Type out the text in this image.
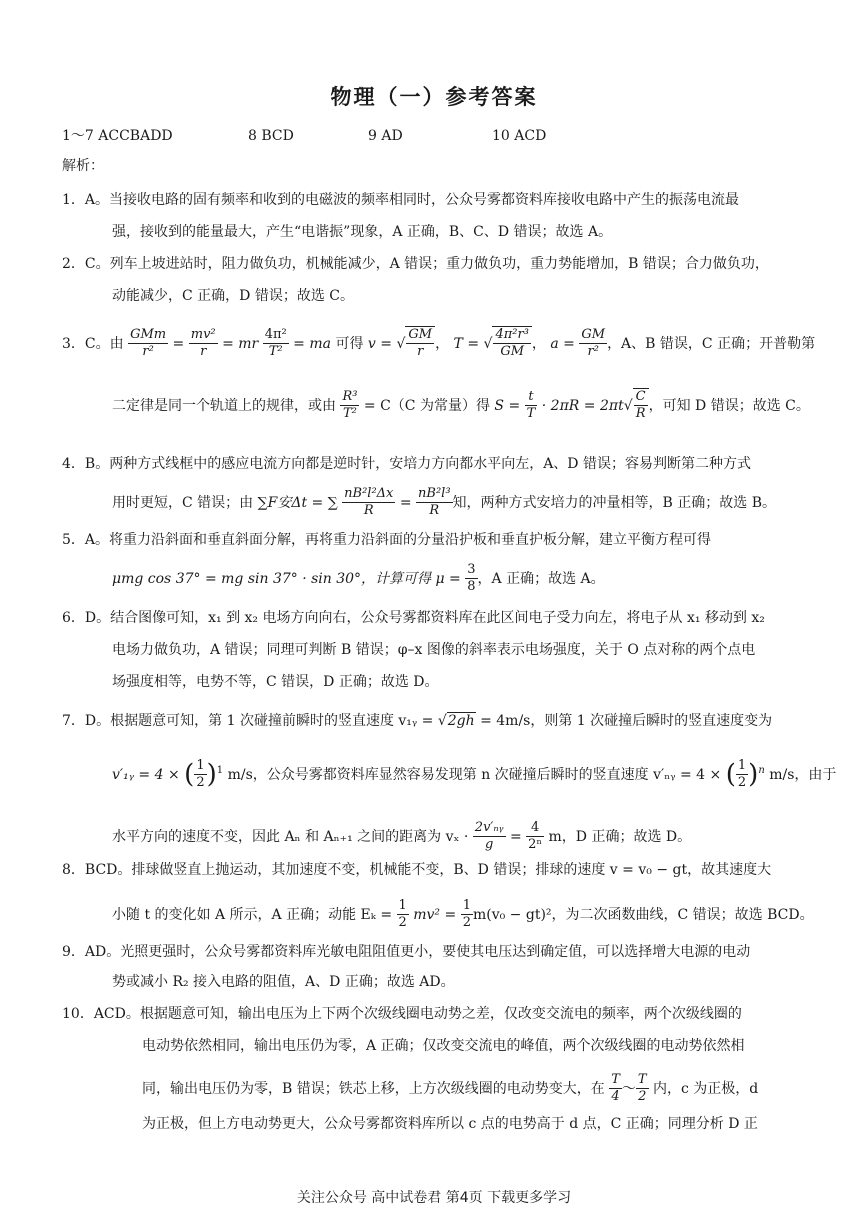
物理（一）参考答案
1～7 ACCBADD	8 BCD	9 AD	10 ACD
解析：
1．A。当接收电路的固有频率和收到的电磁波的频率相同时，公众号雾都资料库接收电路中产生的振荡电流最
强，接收到的能量最大，产生“电谐振”现象，A 正确，B、C、D 错误；故选 A。
2．C。列车上坡进站时，阻力做负功，机械能减少，A 错误；重力做负功，重力势能增加，B 错误；合力做负功，
动能减少，C 正确，D 错误；故选 C。
3．C。由 $\frac{\text{GMm}}{\text{r²}} = \frac{\text{mv²}}{r}$ = mr $\frac{\text{4π²}}{\text{T²}}$ = ma 可得 v = √ $\frac{GM}{r}$ ， T = √ $\frac{\text{4π²r³}}{GM}$ ， $a = \frac{GM}{\text{r²}}$ ，A、B 错误，C 正确；开普勒第
二定律是同一个轨道上的规律，或由 $\frac{\text{R³}}{\text{T²}} = C(C$ 为常量）得 $S = \frac{t}{T} \cdot 2\pi R = 2\pi t√ \frac{C}{R}$ ，可知 D 错误；故选 C。
4．B。两种方式线框中的感应电流方向都是逆时针，安培力方向都水平向左，A、D 错误；容易判断第二种方式
用时更短，C 错误；由 ∑F安Δt = ∑ $\frac{\text{nB²l²Δx}}{R} = \frac{\text{nB²l³}}{R}$ 知，两种方式安培力的冲量相等，B 正确；故选 B。
5．A。将重力沿斜面和垂直斜面分解，再将重力沿斜面的分量沿护板和垂直护板分解，建立平衡方程可得
μmg cos 37° = mg sin 37° · sin 30°，计算可得 $\mu = \frac{3}{8}$ ，A 正确；故选 A。
6．D。结合图像可知，x₁ 到 x₂ 电场方向向右，公众号雾都资料库在此区间电子受力向左，将电子从 x₁ 移动到 x₂
电场力做负功，A 错误；同理可判断 B 错误；φ–x 图像的斜率表示电场强度，关于 O 点对称的两个点电
场强度相等，电势不等，C 错误，D 正确；故选 D。
7．D。根据题意可知，第 1 次碰撞前瞬时的竖直速度 v₁ᵧ = √2gh = 4m/s，则第 1 次碰撞后瞬时的竖直速度变为
v′₁ᵧ = 4 × ( $\frac{1}{2} )^1$ m/s，公众号雾都资料库显然容易发现第 n 次碰撞后瞬时的竖直速度 v′ₙᵧ = 4 × ( $\frac{1}{2} )^n$ m/s，由于
水平方向的速度不变，因此 Aₙ 和 Aₙ₊₁ 之间的距离为 $v_x \cdot \frac{\text{2v′ₙᵧ}}{g} = \frac{4}{\text{2ⁿ}}$ m，D 正确；故选 D。
8．BCD。排球做竖直上抛运动，其加速度不变，机械能不变，B、D 错误；排球的速度 v = v₀ − gt，故其速度大
小随 t 的变化如 A 所示，A 正确；动能 $E_k = \frac{1}{2} mv^2 = \frac{1}{2} m(v_0 - gt)^2$，为二次函数曲线，C 错误；故选 BCD。
9．AD。光照更强时，公众号雾都资料库光敏电阻阻值更小，要使其电压达到确定值，可以选择增大电源的电动
势或减小 R₂ 接入电路的阻值，A、D 正确；故选 AD。
10．ACD。根据题意可知，输出电压为上下两个次级线圈电动势之差，仅改变交流电的频率，两个次级线圈的
电动势依然相同，输出电压仍为零，A 正确；仅改变交流电的峰值，两个次级线圈的电动势依然相
同，输出电压仍为零，B 错误；铁芯上移，上方次级线圈的电动势变大，在 $\frac{T}{4}$ ～ $\frac{T}{2}$ 内，c 为正极，d
为正极，但上方电动势更大，公众号雾都资料库所以 c 点的电势高于 d 点，C 正确；同理分析 D 正
关注公众号 高中试卷君 第4页 下载更多学习
